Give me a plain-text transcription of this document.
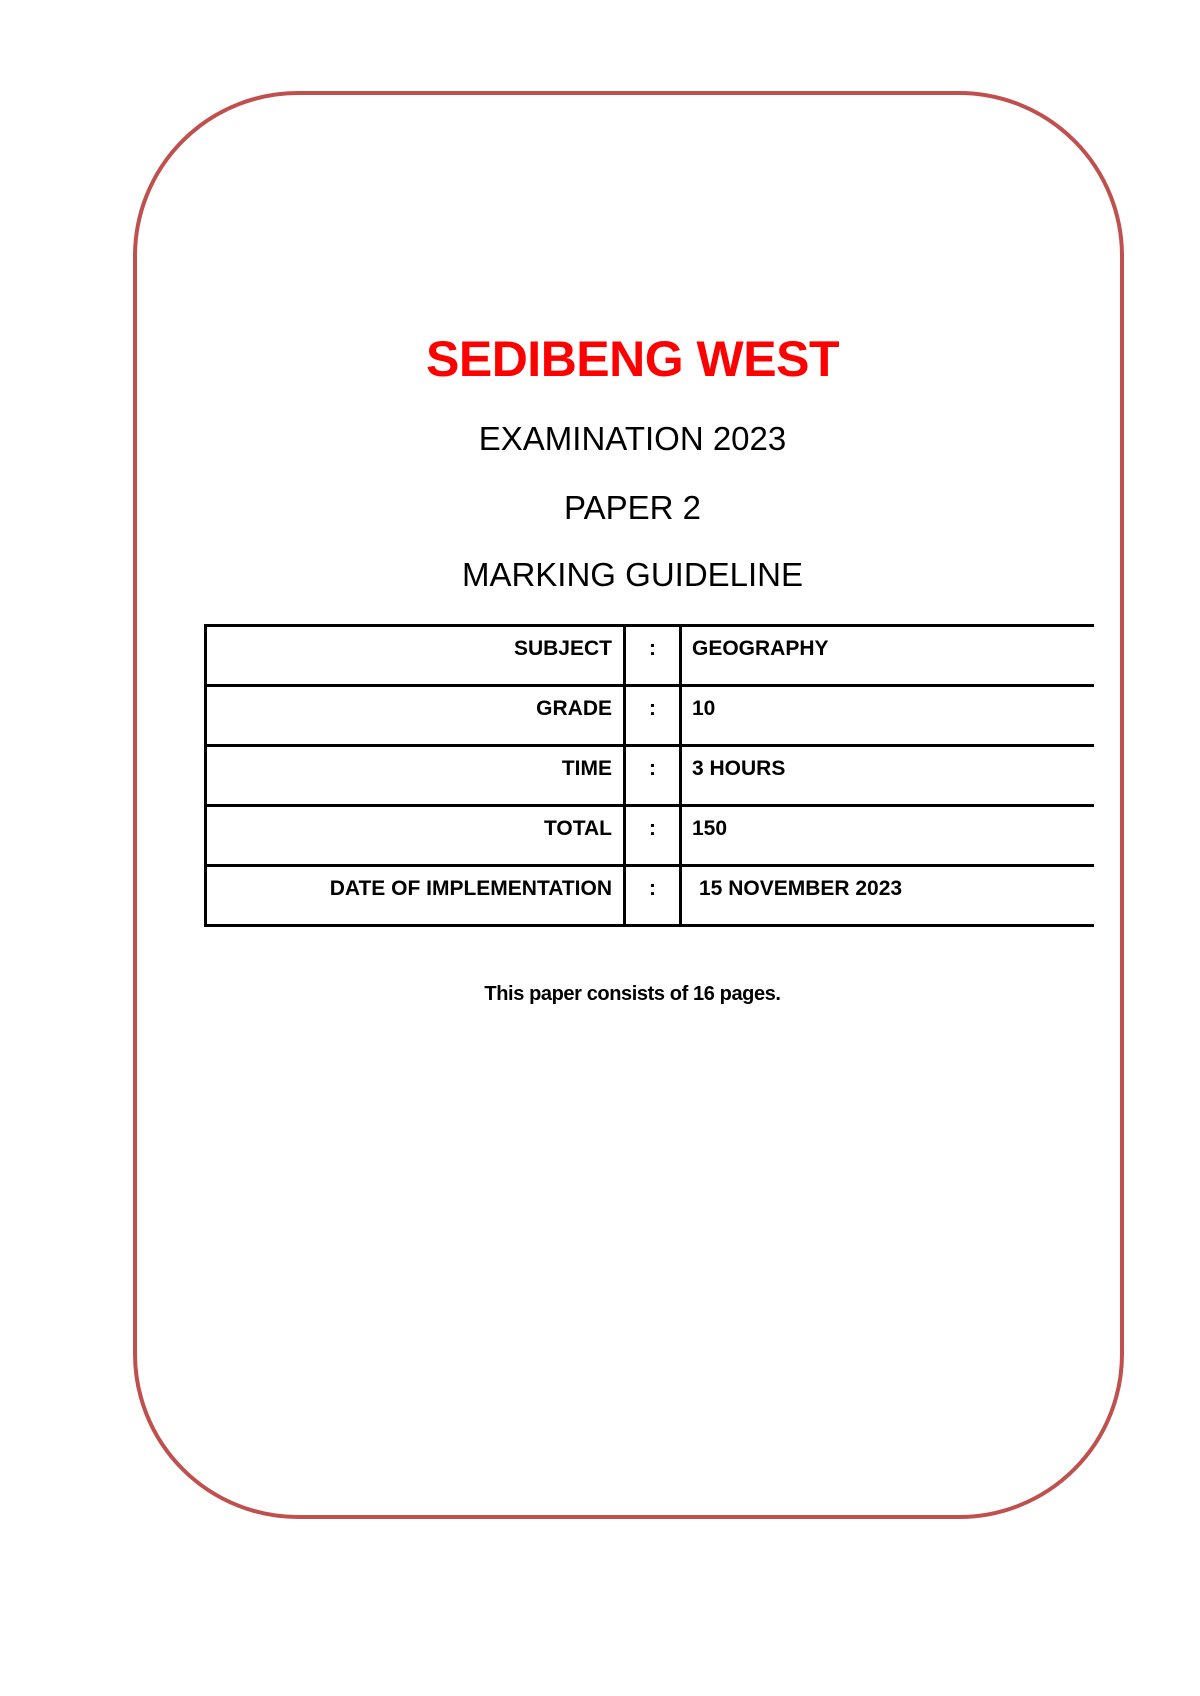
SEDIBENG WEST
EXAMINATION 2023
PAPER 2
MARKING GUIDELINE
SUBJECT	:	GEOGRAPHY
GRADE	:	10
TIME	:	3 HOURS
TOTAL	:	150
DATE OF IMPLEMENTATION	:	15 NOVEMBER 2023
This paper consists of 16 pages.
